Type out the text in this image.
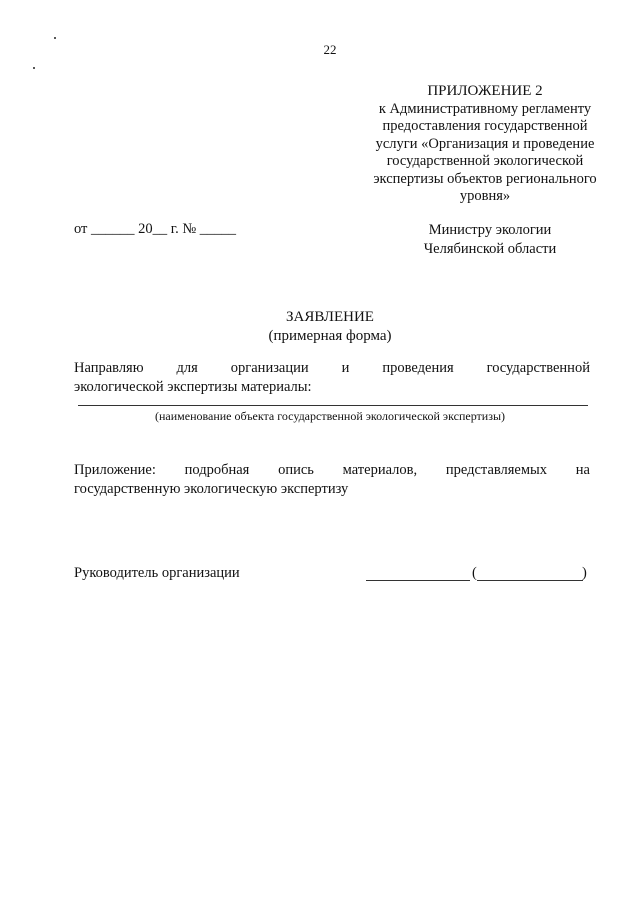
22
ПРИЛОЖЕНИЕ 2
к Административному регламенту
предоставления государственной
услуги «Организация и проведение
государственной экологической
экспертизы объектов регионального
уровня»
от ______ 20__ г. № _____	Министру экологии
Челябинской области
ЗАЯВЛЕНИЕ
(примерная форма)
Направляю для организации и проведения государственной
экологической экспертизы материалы:
(наименование объекта государственной экологической экспертизы)
Приложение: подробная опись материалов, представляемых на
государственную экологическую экспертизу
Руководитель организации	(	)
